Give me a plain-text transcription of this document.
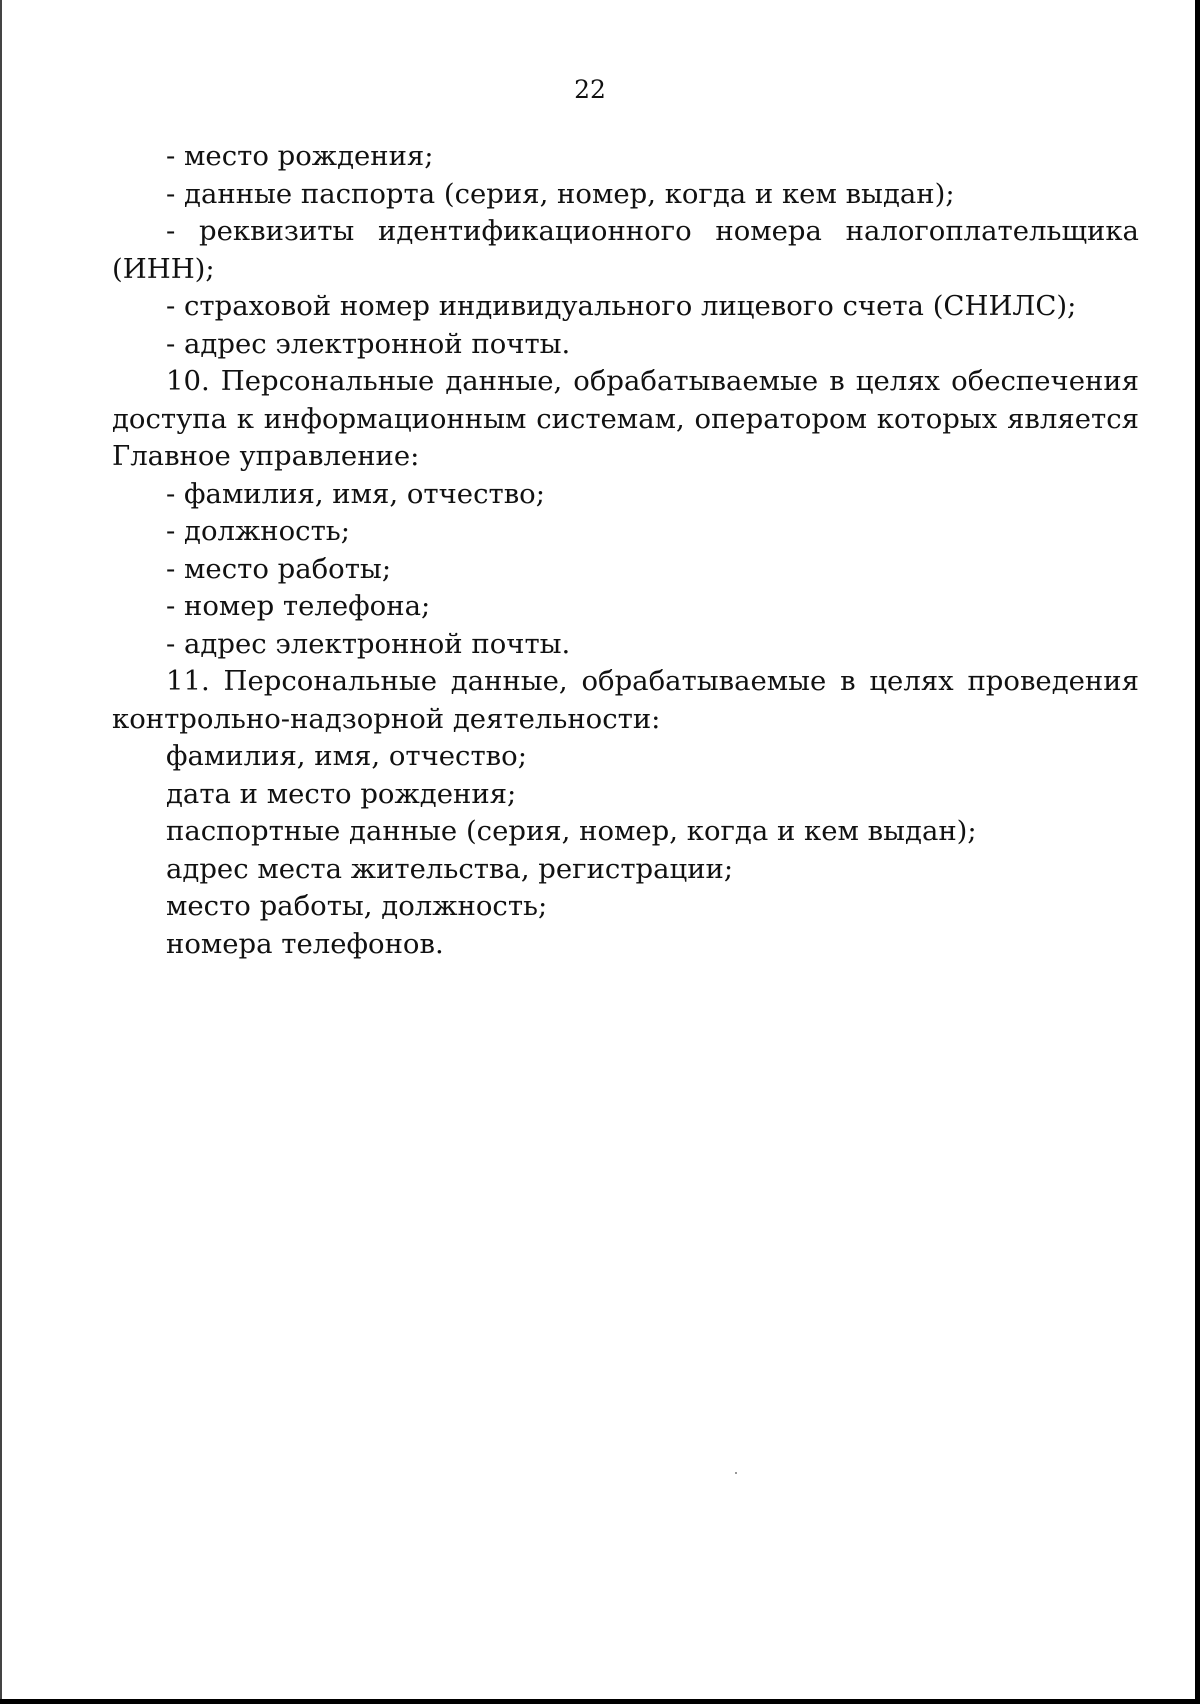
22
- место рождения;
- данные паспорта (серия, номер, когда и кем выдан);
- реквизиты идентификационного номера налогоплательщика
(ИНН);
- страховой номер индивидуального лицевого счета (СНИЛС);
- адрес электронной почты.
10. Персональные данные, обрабатываемые в целях обеспечения
доступа к информационным системам, оператором которых является
Главное управление:
- фамилия, имя, отчество;
- должность;
- место работы;
- номер телефона;
- адрес электронной почты.
11. Персональные данные, обрабатываемые в целях проведения
контрольно-надзорной деятельности:
фамилия, имя, отчество;
дата и место рождения;
паспортные данные (серия, номер, когда и кем выдан);
адрес места жительства, регистрации;
место работы, должность;
номера телефонов.
